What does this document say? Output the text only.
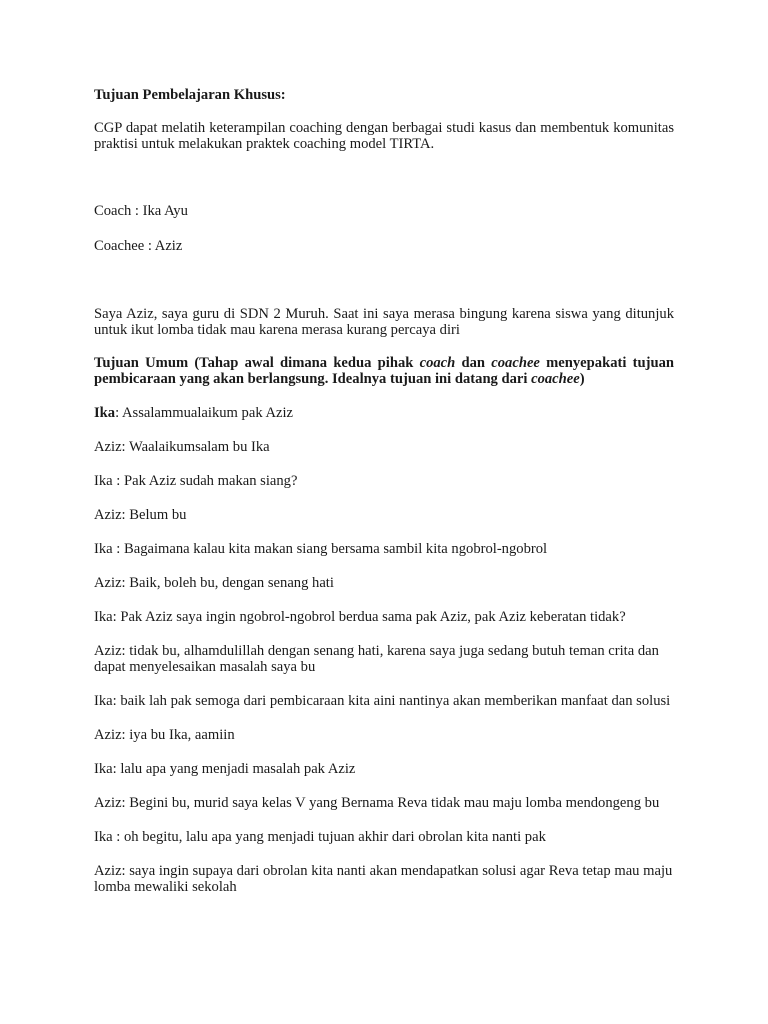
Tujuan Pembelajaran Khusus:

CGP dapat melatih keterampilan coaching dengan berbagai studi kasus dan membentuk komunitas praktisi untuk melakukan praktek coaching model TIRTA.

Coach : Ika Ayu

Coachee : Aziz

Saya Aziz, saya guru di SDN 2 Muruh. Saat ini saya merasa bingung karena siswa yang ditunjuk untuk ikut lomba tidak mau karena merasa kurang percaya diri

Tujuan Umum (Tahap awal dimana kedua pihak coach dan coachee menyepakati tujuan pembicaraan yang akan berlangsung. Idealnya tujuan ini datang dari coachee)

Ika: Assalammualaikum pak Aziz

Aziz: Waalaikumsalam bu Ika

Ika : Pak Aziz sudah makan siang?

Aziz: Belum bu

Ika : Bagaimana kalau kita makan siang bersama sambil kita ngobrol-ngobrol

Aziz: Baik, boleh bu, dengan senang hati

Ika: Pak Aziz saya ingin ngobrol-ngobrol berdua sama pak Aziz, pak Aziz keberatan tidak?

Aziz: tidak bu, alhamdulillah dengan senang hati, karena saya juga sedang butuh teman crita dan dapat menyelesaikan masalah saya bu

Ika: baik lah pak semoga dari pembicaraan kita aini nantinya akan memberikan manfaat dan solusi

Aziz: iya bu Ika, aamiin

Ika: lalu apa yang menjadi masalah pak Aziz

Aziz: Begini bu, murid saya kelas V yang Bernama Reva tidak mau maju lomba mendongeng bu

Ika : oh begitu, lalu apa yang menjadi tujuan akhir dari obrolan kita nanti pak

Aziz: saya ingin supaya dari obrolan kita nanti akan mendapatkan solusi agar Reva tetap mau maju lomba mewaliki sekolah
